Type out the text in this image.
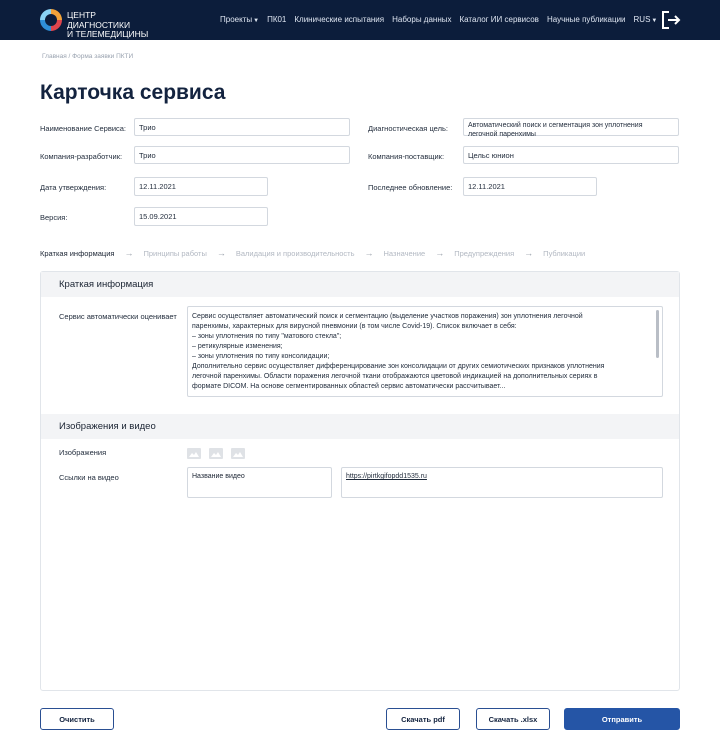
ЦЕНТР ДИАГНОСТИКИ
И ТЕЛЕМЕДИЦИНЫ
Проекты▼ ПК01 Клинические испытания Наборы данных Каталог ИИ сервисов Научные публикации RUS▼
Главная / Форма заявки ПКТИ
Карточка сервиса
Наименование Сервиса:	Трио	Диагностическая цель:	Автоматический поиск и сегментация зон уплотнения
легочной паренхимы
Компания-разработчик:	Трио	Компания-поставщик:	Цельс юнион
Дата утверждения:	12.11.2021	Последнее обновление:	12.11.2021
Версия:	15.09.2021
Краткая информация → Принципы работы → Валидация и производительность → Назначение → Предупреждения → Публикации
Краткая информация
Сервис автоматически оценивает Сервис осуществляет автоматический поиск и сегментацию (выделение участков поражения) зон уплотнения легочной
паренхимы, характерных для вирусной пневмонии (в том числе Covid-19). Список включает в себя:
– зоны уплотнения по типу "матового стекла";
– ретикулярные изменения;
– зоны уплотнения по типу консолидации;
Дополнительно сервис осуществляет дифференцирование зон консолидации от других семиотических признаков уплотнения
легочной паренхимы. Области поражения легочной ткани отображаются цветовой индикацией на дополнительных сериях в
формате DICOM. На основе сегментированных областей сервис автоматически рассчитывает...
Изображения и видео
Изображения
Ссылки на видео	Название видео	https://pirtkgifopdd1535.ru
Очистить	Скачать pdf	Скачать .xlsx	Отправить
